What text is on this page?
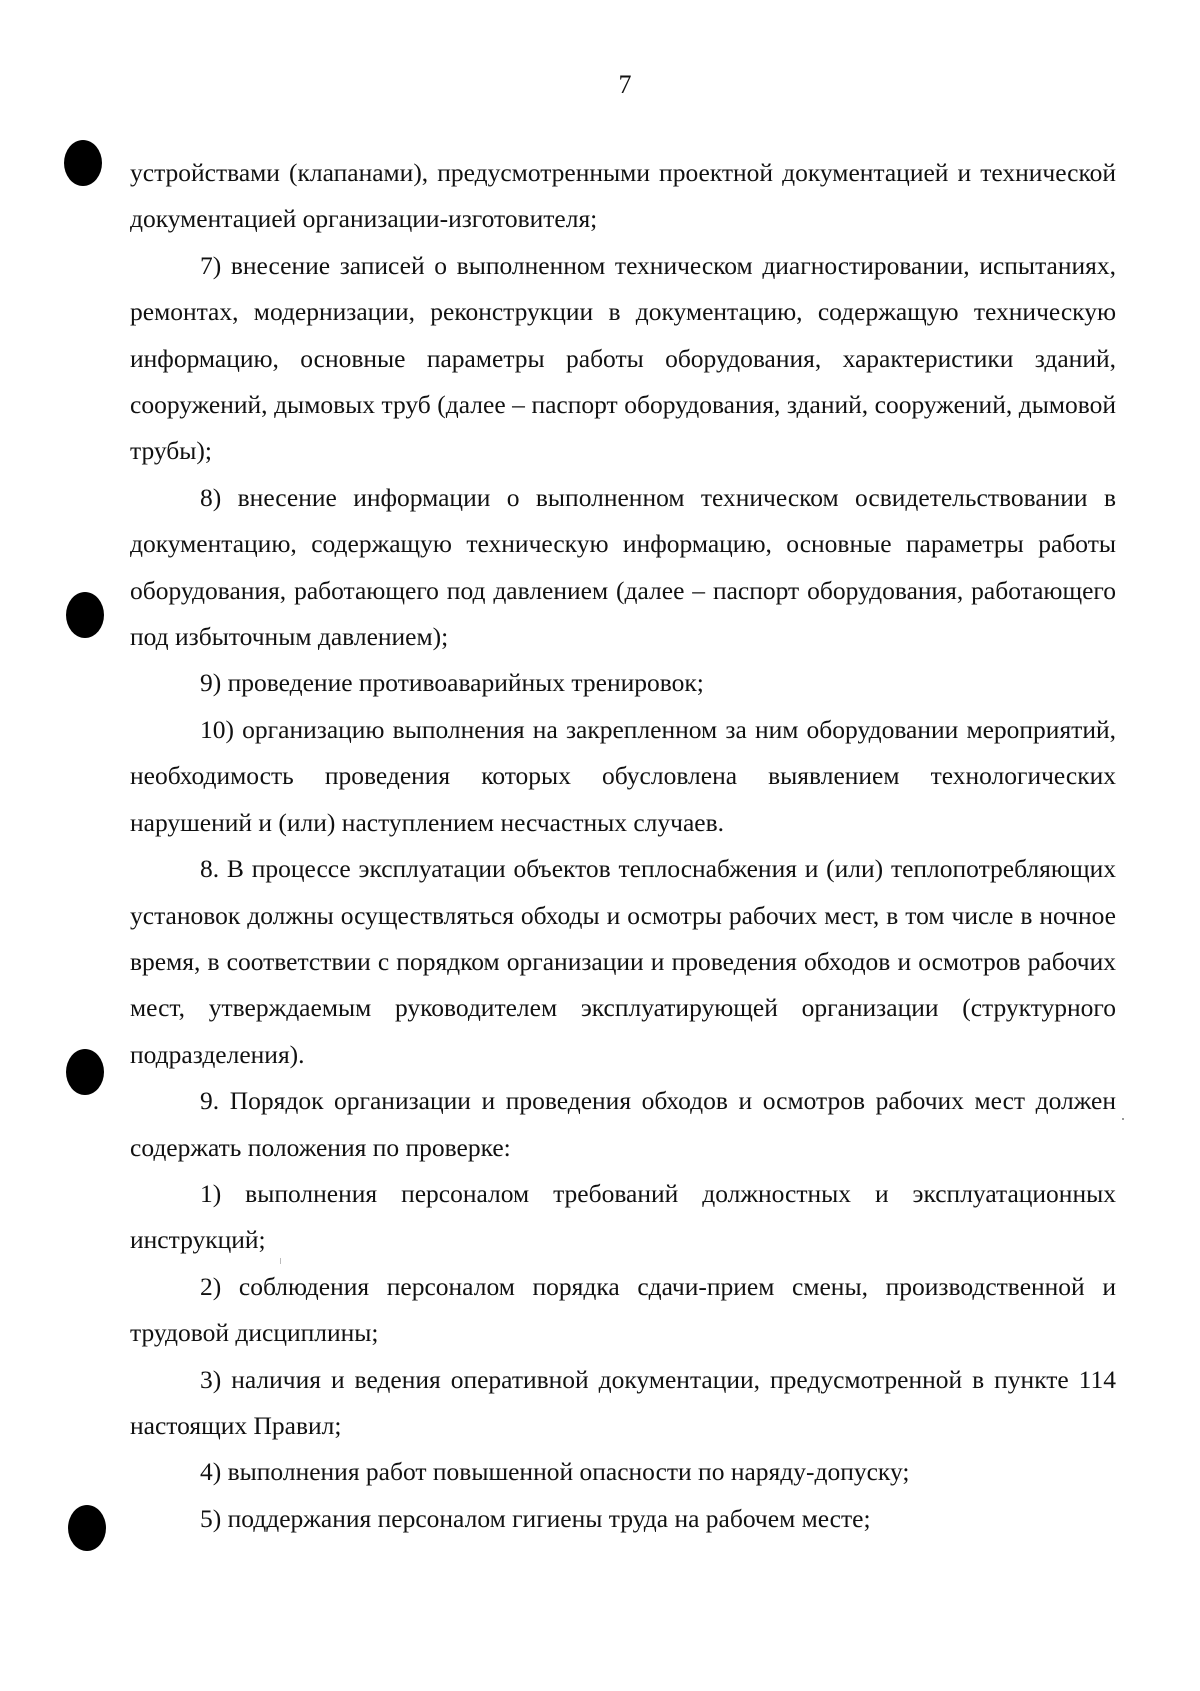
7

устройствами (клапанами), предусмотренными проектной документацией и технической документацией организации-изготовителя;

7) внесение записей о выполненном техническом диагностировании, испытаниях, ремонтах, модернизации, реконструкции в документацию, содержащую техническую информацию, основные параметры работы оборудования, характеристики зданий, сооружений, дымовых труб (далее – паспорт оборудования, зданий, сооружений, дымовой трубы);

8) внесение информации о выполненном техническом освидетельствовании в документацию, содержащую техническую информацию, основные параметры работы оборудования, работающего под давлением (далее – паспорт оборудования, работающего под избыточным давлением);

9) проведение противоаварийных тренировок;

10) организацию выполнения на закрепленном за ним оборудовании мероприятий, необходимость проведения которых обусловлена выявлением технологических нарушений и (или) наступлением несчастных случаев.

8. В процессе эксплуатации объектов теплоснабжения и (или) теплопотребляющих установок должны осуществляться обходы и осмотры рабочих мест, в том числе в ночное время, в соответствии с порядком организации и проведения обходов и осмотров рабочих мест, утверждаемым руководителем эксплуатирующей организации (структурного подразделения).

9. Порядок организации и проведения обходов и осмотров рабочих мест должен содержать положения по проверке:

1) выполнения персоналом требований должностных и эксплуатационных инструкций;

2) соблюдения персоналом порядка сдачи-прием смены, производственной и трудовой дисциплины;

3) наличия и ведения оперативной документации, предусмотренной в пункте 114 настоящих Правил;

4) выполнения работ повышенной опасности по наряду-допуску;

5) поддержания персоналом гигиены труда на рабочем месте;
